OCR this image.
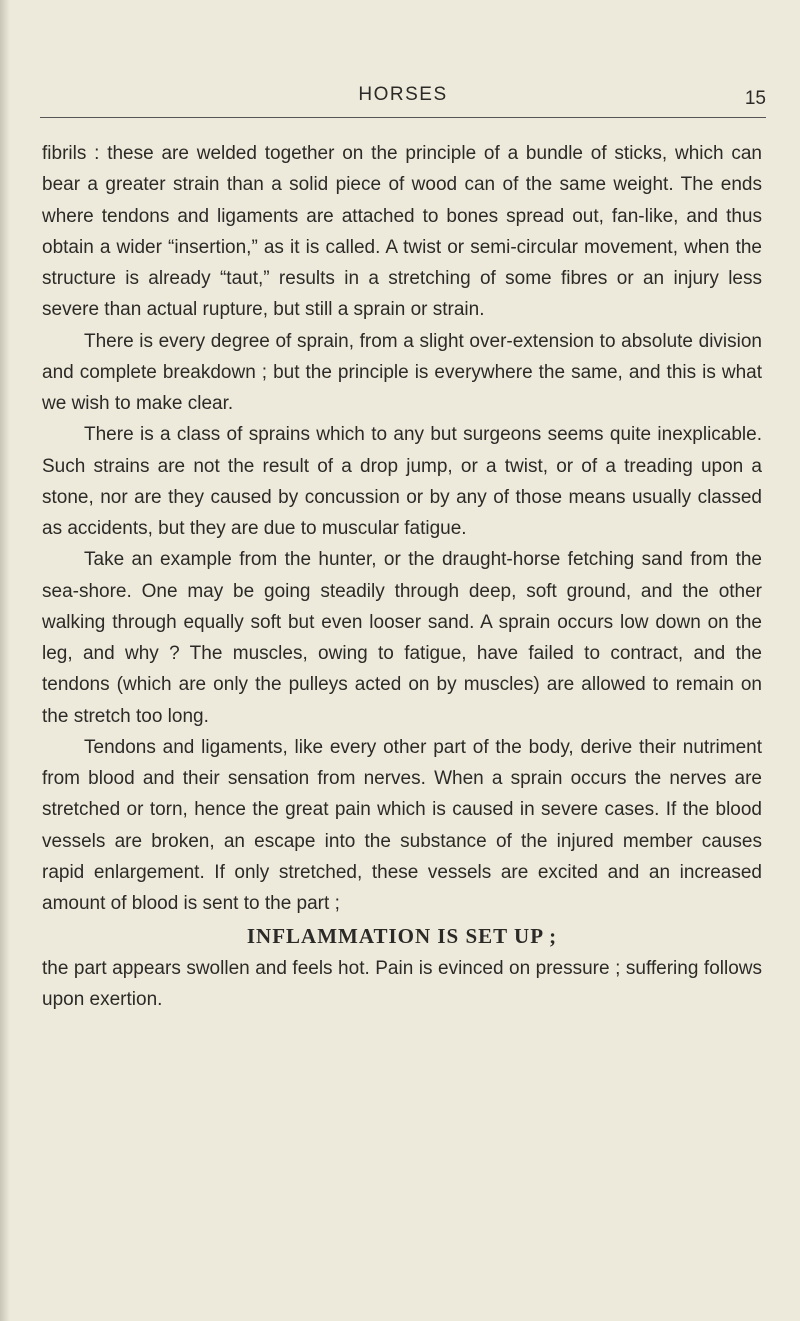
HORSES	15

fibrils : these are welded together on the principle of a bundle of sticks, which can bear a greater strain than a solid piece of wood can of the same weight. The ends where tendons and ligaments are attached to bones spread out, fan-like, and thus obtain a wider “insertion,” as it is called. A twist or semi-circular movement, when the structure is already “taut,” results in a stretching of some fibres or an injury less severe than actual rupture, but still a sprain or strain.

There is every degree of sprain, from a slight over-extension to absolute division and complete breakdown ; but the principle is everywhere the same, and this is what we wish to make clear.

There is a class of sprains which to any but surgeons seems quite inexplicable. Such strains are not the result of a drop jump, or a twist, or of a treading upon a stone, nor are they caused by concussion or by any of those means usually classed as accidents, but they are due to muscular fatigue.

Take an example from the hunter, or the draught-horse fetching sand from the sea-shore. One may be going steadily through deep, soft ground, and the other walking through equally soft but even looser sand. A sprain occurs low down on the leg, and why ? The muscles, owing to fatigue, have failed to contract, and the tendons (which are only the pulleys acted on by muscles) are allowed to remain on the stretch too long.

Tendons and ligaments, like every other part of the body, derive their nutriment from blood and their sensation from nerves. When a sprain occurs the nerves are stretched or torn, hence the great pain which is caused in severe cases. If the blood vessels are broken, an escape into the substance of the injured member causes rapid enlargement. If only stretched, these vessels are excited and an increased amount of blood is sent to the part ;

INFLAMMATION IS SET UP ;

the part appears swollen and feels hot. Pain is evinced on pressure ; suffering follows upon exertion.
